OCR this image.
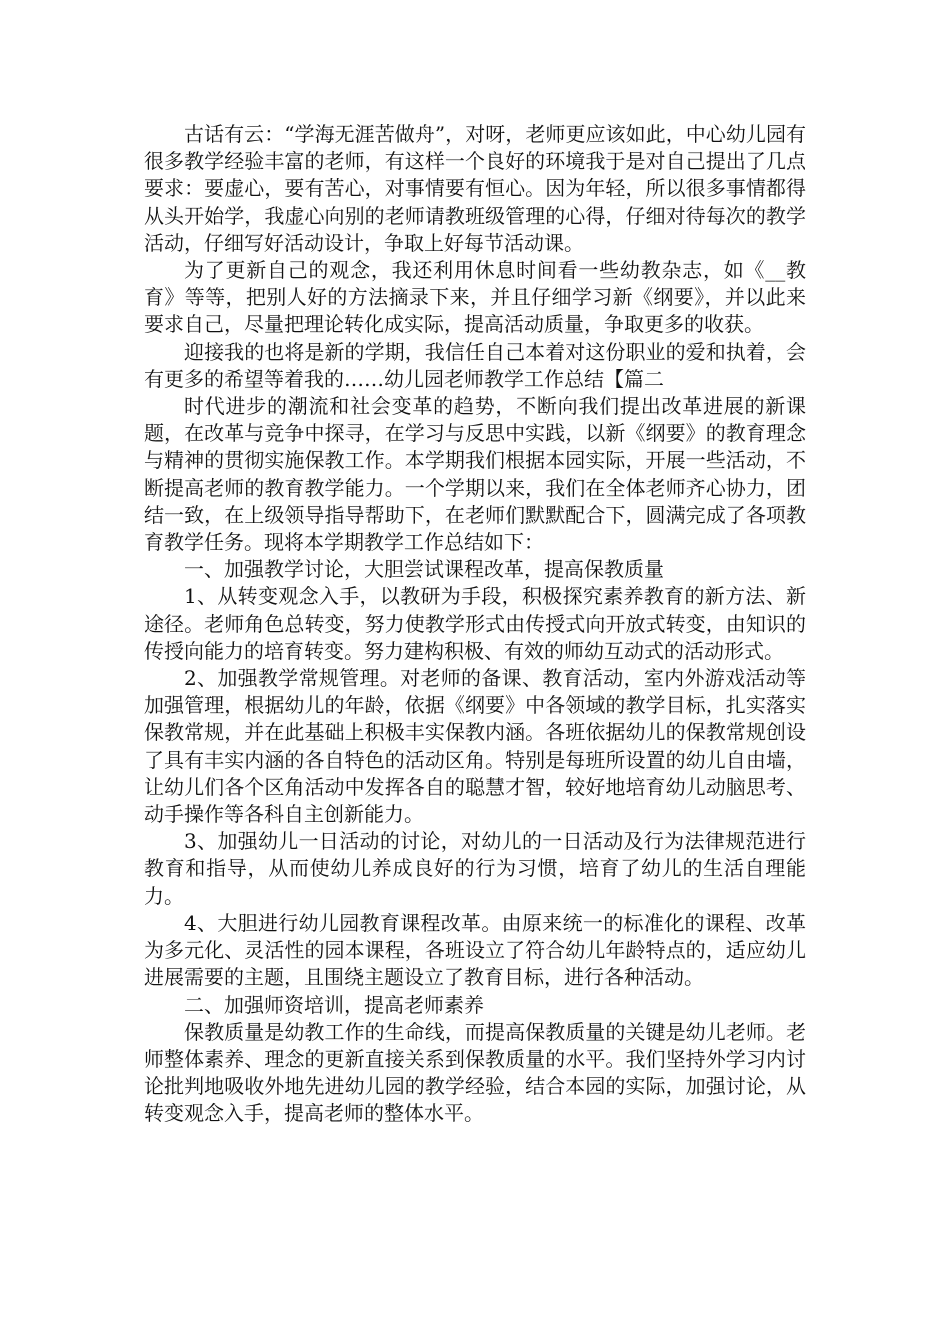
古话有云：“学海无涯苦做舟”，对呀，老师更应该如此，中心幼儿园有很多教学经验丰富的老师，有这样一个良好的环境我于是对自己提出了几点要求：要虚心，要有苦心，对事情要有恒心。因为年轻，所以很多事情都得从头开始学，我虚心向别的老师请教班级管理的心得，仔细对待每次的教学活动，仔细写好活动设计，争取上好每节活动课。

为了更新自己的观念，我还利用休息时间看一些幼教杂志，如《__教育》等等，把别人好的方法摘录下来，并且仔细学习新《纲要》，并以此来要求自己，尽量把理论转化成实际，提高活动质量，争取更多的收获。

迎接我的也将是新的学期，我信任自己本着对这份职业的爱和执着，会有更多的希望等着我的……幼儿园老师教学工作总结【篇二

时代进步的潮流和社会变革的趋势，不断向我们提出改革进展的新课题，在改革与竞争中探寻，在学习与反思中实践，以新《纲要》的教育理念与精神的贯彻实施保教工作。本学期我们根据本园实际，开展一些活动，不断提高老师的教育教学能力。一个学期以来，我们在全体老师齐心协力，团结一致，在上级领导指导帮助下，在老师们默默配合下，圆满完成了各项教育教学任务。现将本学期教学工作总结如下：

一、加强教学讨论，大胆尝试课程改革，提高保教质量

1、从转变观念入手，以教研为手段，积极探究素养教育的新方法、新途径。老师角色总转变，努力使教学形式由传授式向开放式转变，由知识的传授向能力的培育转变。努力建构积极、有效的师幼互动式的活动形式。

2、加强教学常规管理。对老师的备课、教育活动，室内外游戏活动等加强管理，根据幼儿的年龄，依据《纲要》中各领域的教学目标，扎实落实保教常规，并在此基础上积极丰实保教内涵。各班依据幼儿的保教常规创设了具有丰实内涵的各自特色的活动区角。特别是每班所设置的幼儿自由墙，让幼儿们各个区角活动中发挥各自的聪慧才智，较好地培育幼儿动脑思考、动手操作等各科自主创新能力。

3、加强幼儿一日活动的讨论，对幼儿的一日活动及行为法律规范进行教育和指导，从而使幼儿养成良好的行为习惯，培育了幼儿的生活自理能力。

4、大胆进行幼儿园教育课程改革。由原来统一的标准化的课程、改革为多元化、灵活性的园本课程，各班设立了符合幼儿年龄特点的，适应幼儿进展需要的主题，且围绕主题设立了教育目标，进行各种活动。

二、加强师资培训，提高老师素养

保教质量是幼教工作的生命线，而提高保教质量的关键是幼儿老师。老师整体素养、理念的更新直接关系到保教质量的水平。我们坚持外学习内讨论批判地吸收外地先进幼儿园的教学经验，结合本园的实际，加强讨论，从转变观念入手，提高老师的整体水平。
